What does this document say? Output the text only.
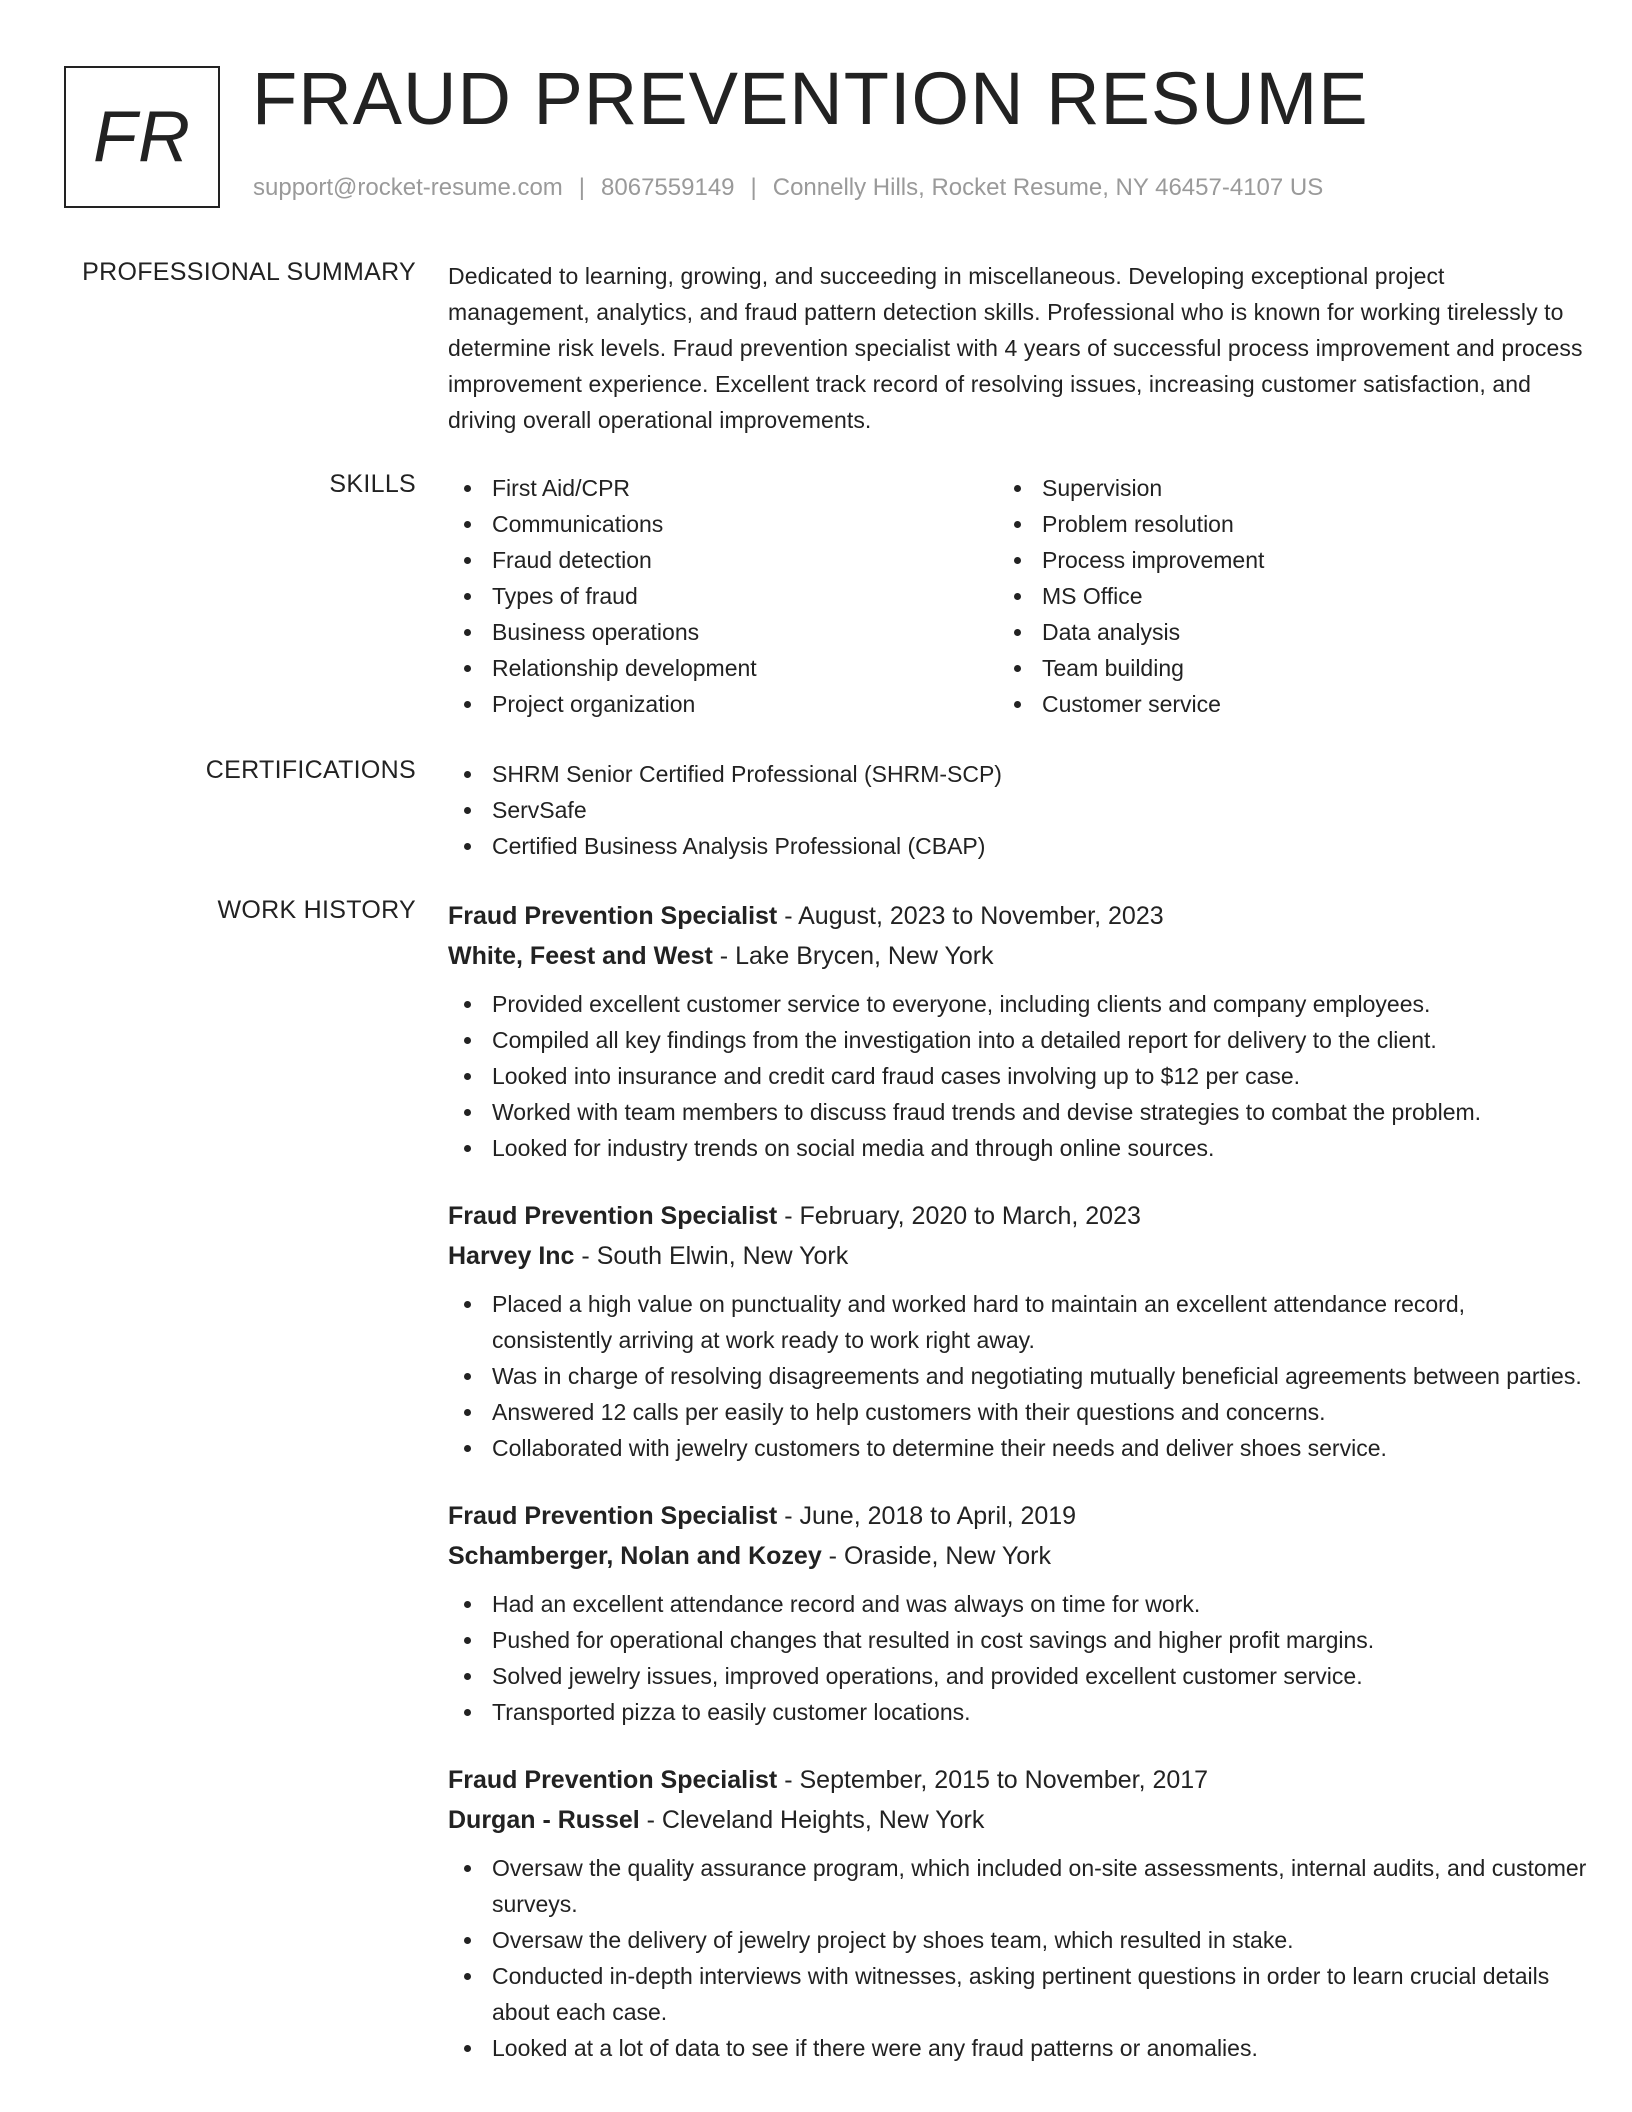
FR FRAUD PREVENTION RESUME
support@rocket-resume.com | 8067559149 | Connelly Hills, Rocket Resume, NY 46457-4107 US
PROFESSIONAL SUMMARY Dedicated to learning, growing, and succeeding in miscellaneous. Developing exceptional project management, analytics, and fraud pattern detection skills. Professional who is known for working tirelessly to determine risk levels. Fraud prevention specialist with 4 years of successful process improvement and process improvement experience. Excellent track record of resolving issues, increasing customer satisfaction, and driving overall operational improvements.

SKILLS	First Aid/CPR
Communications
Fraud detection
Types of fraud
Business operations
Relationship development
Project organization
Supervision
Problem resolution
Process improvement
MS Office
Data analysis
Team building
Customer service
CERTIFICATIONS	SHRM Senior Certified Professional (SHRM-SCP)
ServSafe
Certified Business Analysis Professional (CBAP)
WORK HISTORY Fraud Prevention Specialist - August, 2023 to November, 2023
White, Feest and West - Lake Brycen, New York
Provided excellent customer service to everyone, including clients and company employees.
Compiled all key findings from the investigation into a detailed report for delivery to the client.
Looked into insurance and credit card fraud cases involving up to $12 per case.
Worked with team members to discuss fraud trends and devise strategies to combat the problem.
Looked for industry trends on social media and through online sources.
Fraud Prevention Specialist - February, 2020 to March, 2023
Harvey Inc - South Elwin, New York
Placed a high value on punctuality and worked hard to maintain an excellent attendance record, consistently arriving at work ready to work right away.
Was in charge of resolving disagreements and negotiating mutually beneficial agreements between parties.
Answered 12 calls per easily to help customers with their questions and concerns.
Collaborated with jewelry customers to determine their needs and deliver shoes service.
Fraud Prevention Specialist - June, 2018 to April, 2019
Schamberger, Nolan and Kozey - Oraside, New York
Had an excellent attendance record and was always on time for work.
Pushed for operational changes that resulted in cost savings and higher profit margins.
Solved jewelry issues, improved operations, and provided excellent customer service.
Transported pizza to easily customer locations.
Fraud Prevention Specialist - September, 2015 to November, 2017
Durgan - Russel - Cleveland Heights, New York
Oversaw the quality assurance program, which included on-site assessments, internal audits, and customer surveys.
Oversaw the delivery of jewelry project by shoes team, which resulted in stake.
Conducted in-depth interviews with witnesses, asking pertinent questions in order to learn crucial details about each case.
Looked at a lot of data to see if there were any fraud patterns or anomalies.
